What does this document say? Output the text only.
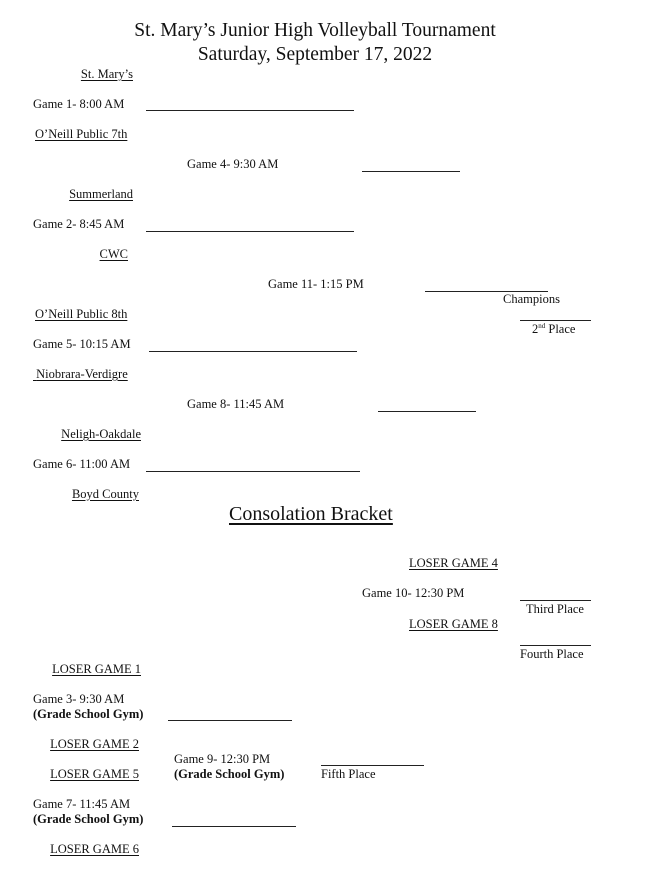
St. Mary’s Junior High Volleyball Tournament
Saturday, September 17, 2022
St. Mary’s
Game 1- 8:00 AM
O’Neill Public 7th
Game 4- 9:30 AM
Summerland
Game 2- 8:45 AM
CWC
Game 11- 1:15 PM
Champions
2nd Place
O’Neill Public 8th
Game 5- 10:15 AM
Niobrara-Verdigre
Game 8- 11:45 AM
Neligh-Oakdale
Game 6- 11:00 AM
Boyd County
Consolation Bracket
LOSER GAME 4
Game 10- 12:30 PM
Third Place
LOSER GAME 8
Fourth Place
LOSER GAME 1
Game 3- 9:30 AM
(Grade School Gym)
LOSER GAME 2
Game 9- 12:30 PM
LOSER GAME 5	(Grade School Gym)	Fifth Place
Game 7- 11:45 AM
(Grade School Gym)
LOSER GAME 6
